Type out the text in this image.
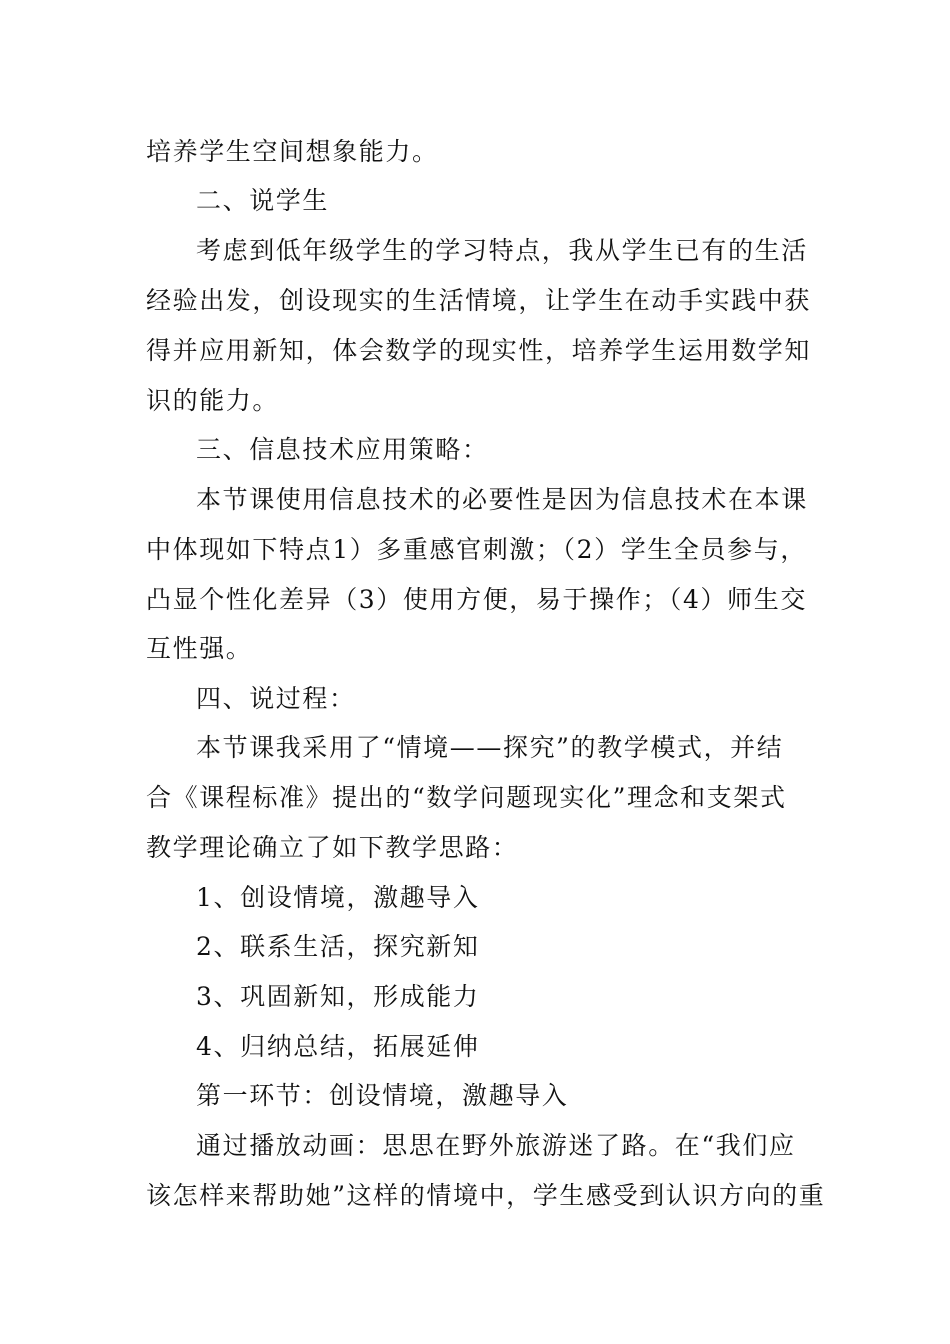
培养学生空间想象能力。
二、说学生
考虑到低年级学生的学习特点，我从学生已有的生活
经验出发，创设现实的生活情境，让学生在动手实践中获
得并应用新知，体会数学的现实性，培养学生运用数学知
识的能力。
三、信息技术应用策略：
本节课使用信息技术的必要性是因为信息技术在本课
中体现如下特点1）多重感官刺激；（2）学生全员参与，
凸显个性化差异（3）使用方便，易于操作；（4）师生交
互性强。
四、说过程：
本节课我采用了“情境——探究”的教学模式，并结
合《课程标准》提出的“数学问题现实化”理念和支架式
教学理论确立了如下教学思路：
1、创设情境，激趣导入
2、联系生活，探究新知
3、巩固新知，形成能力
4、归纳总结，拓展延伸
第一环节：创设情境，激趣导入
通过播放动画：思思在野外旅游迷了路。在“我们应
该怎样来帮助她”这样的情境中，学生感受到认识方向的重
